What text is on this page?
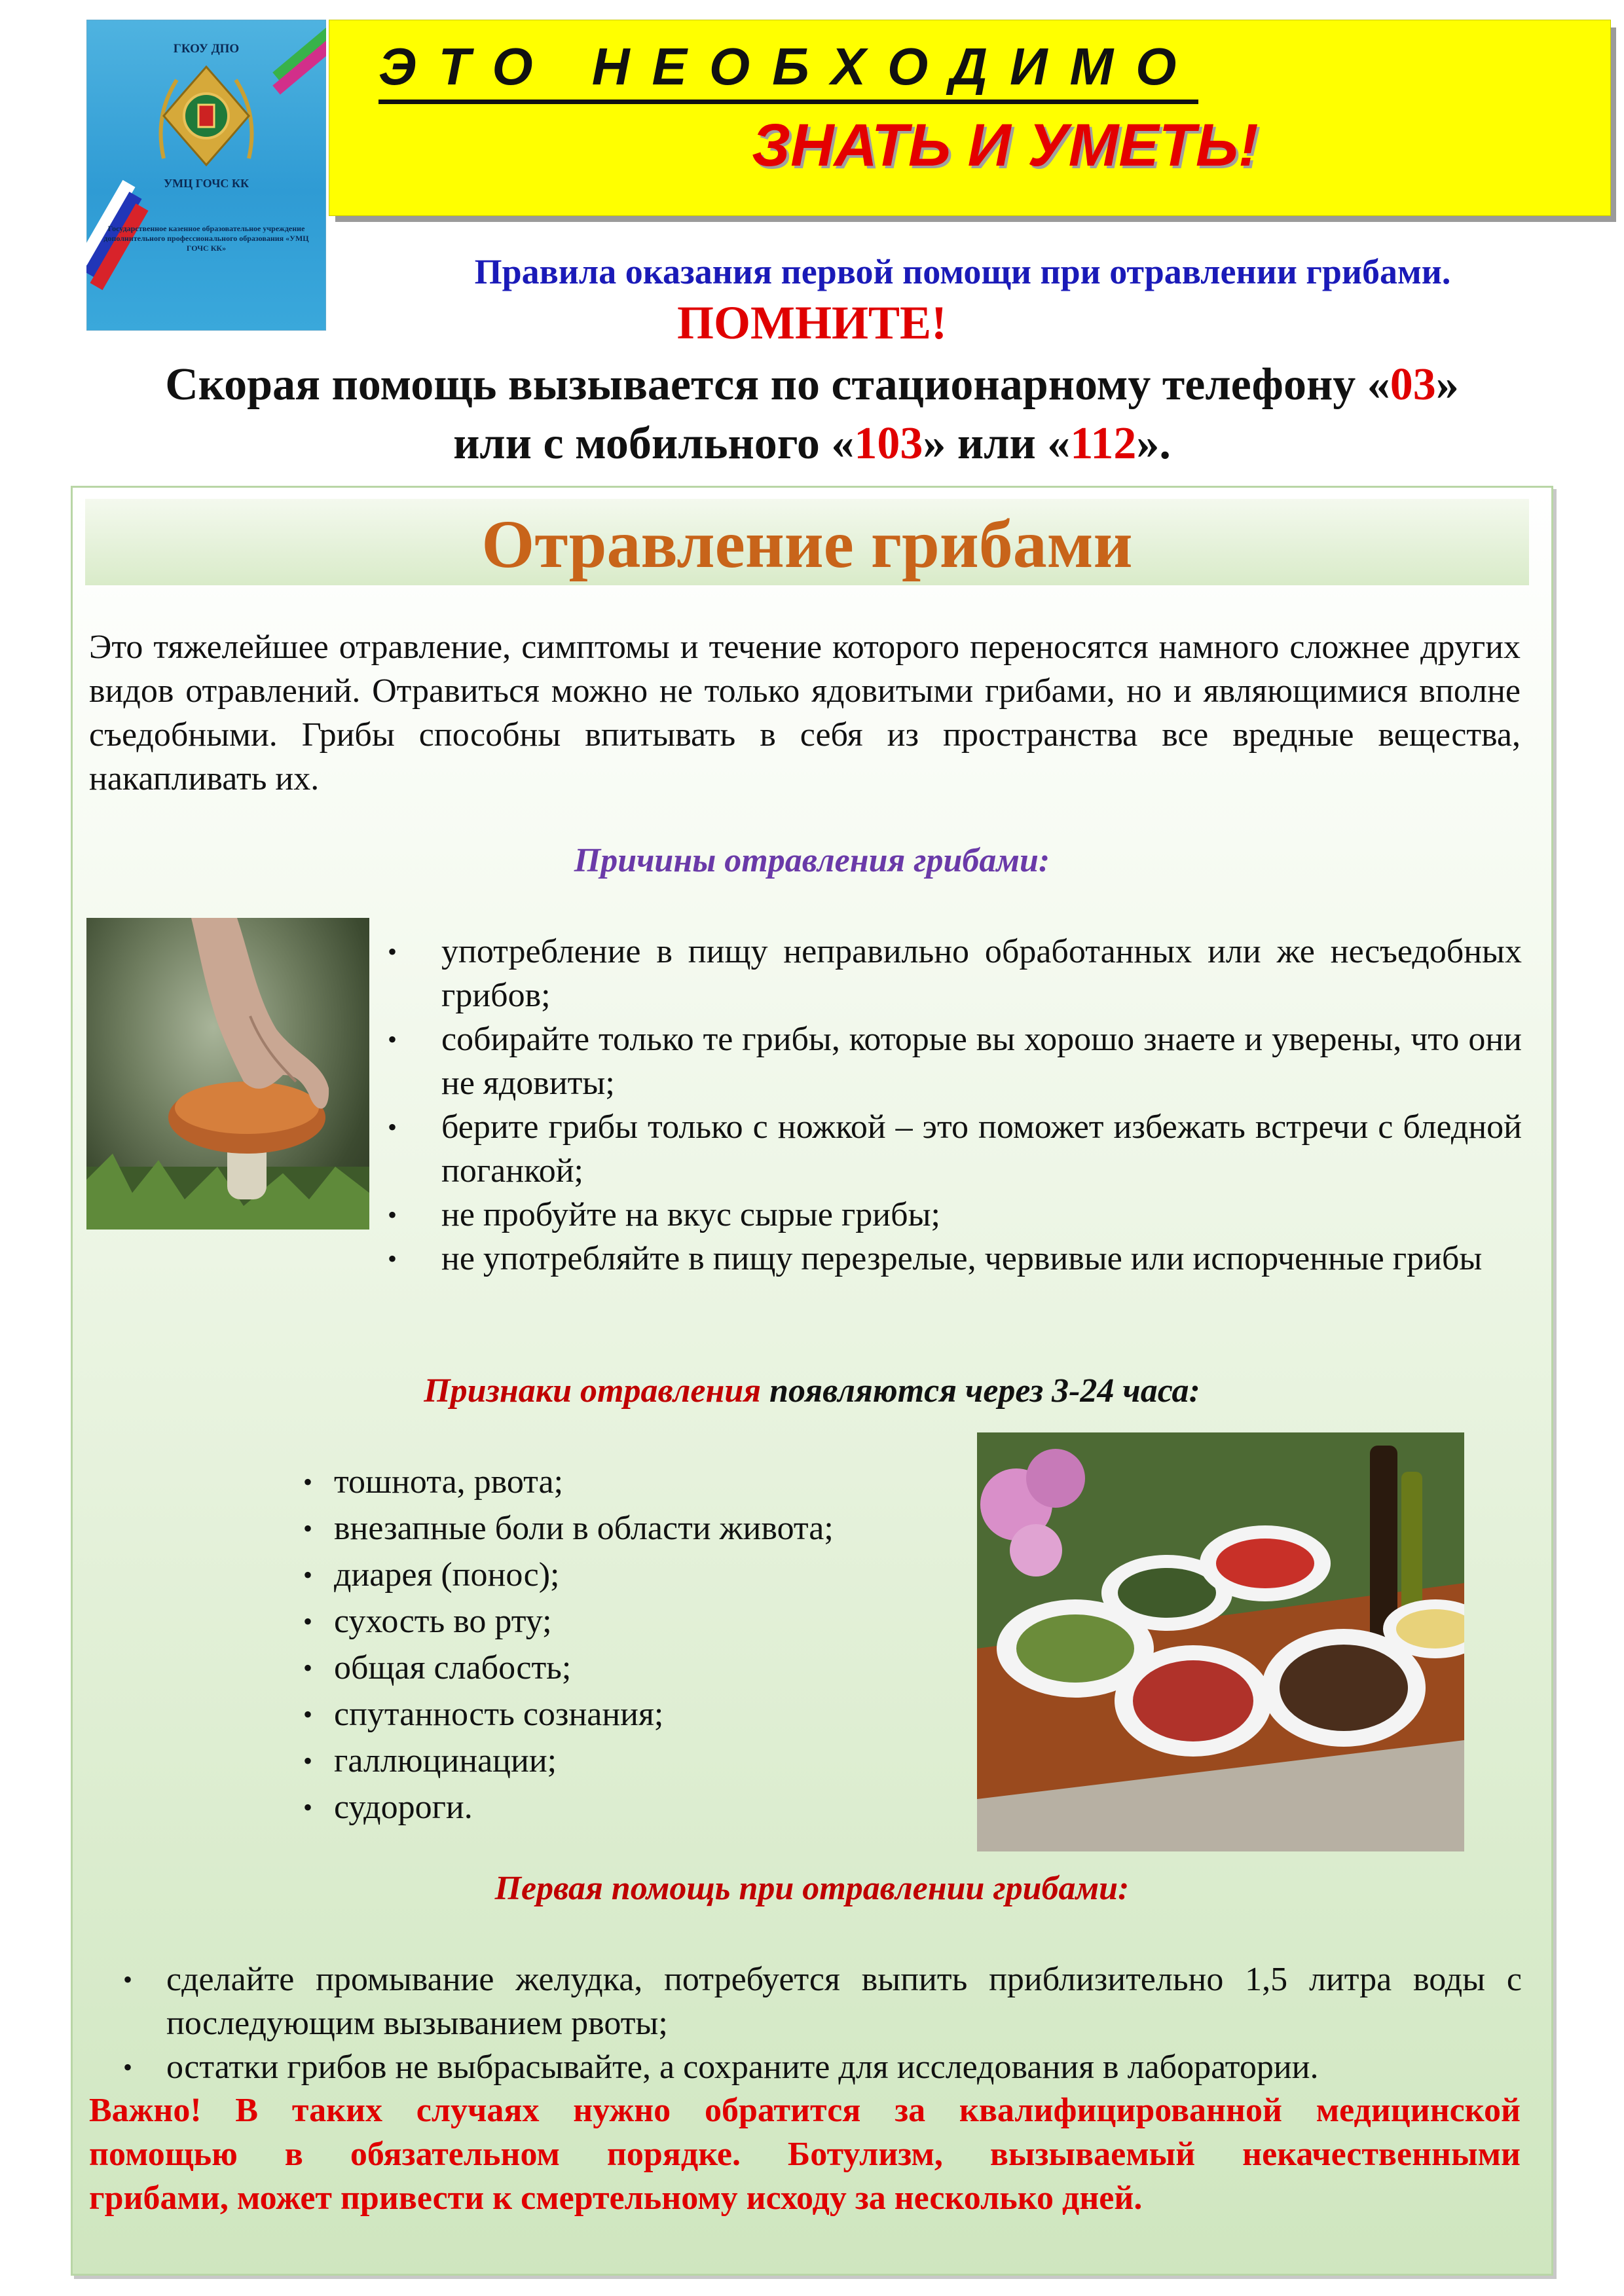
ГКОУ ДПО
УМЦ ГОЧС КК
Государственное казенное образовательное учреждение дополнительного профессионального образования «УМЦ ГОЧС КК»
ЭТО НЕОБХОДИМО
ЗНАТЬ И УМЕТЬ!
Правила оказания первой помощи при отравлении грибами.
ПОМНИТЕ!
Скорая помощь вызывается по стационарному телефону «03»
или с мобильного «103» или «112».
Отравление грибами
Это тяжелейшее отравление, симптомы и течение которого переносятся намного сложнее других видов отравлений. Отравиться можно не только ядовитыми грибами, но и являющимися вполне съедобными. Грибы способны впитывать в себя из пространства все вредные вещества, накапливать их.
Причины отравления грибами:
•	употребление в пищу неправильно обработанных или же несъедобных грибов;
•	собирайте только те грибы, которые вы хорошо знаете и уверены, что они не ядовиты;
•	берите грибы только с ножкой – это поможет избежать встречи с бледной поганкой;
•	не пробуйте на вкус сырые грибы;
•	не употребляйте в пищу перезрелые, червивые или испорченные грибы
Признаки отравления появляются через 3-24 часа:
• тошнота, рвота;
• внезапные боли в области живота;
• диарея (понос);
• сухость во рту;
• общая слабость;
• спутанность сознания;
• галлюцинации;
• судороги.
Первая помощь при отравлении грибами:
• сделайте промывание желудка, потребуется выпить приблизительно 1,5 литра воды с последующим вызыванием рвоты;
• остатки грибов не выбрасывайте, а сохраните для исследования в лаборатории.
Важно! В таких случаях нужно обратится за квалифицированной медицинской
помощью в обязательном порядке. Ботулизм, вызываемый некачественными
грибами, может привести к смертельному исходу за несколько дней.
